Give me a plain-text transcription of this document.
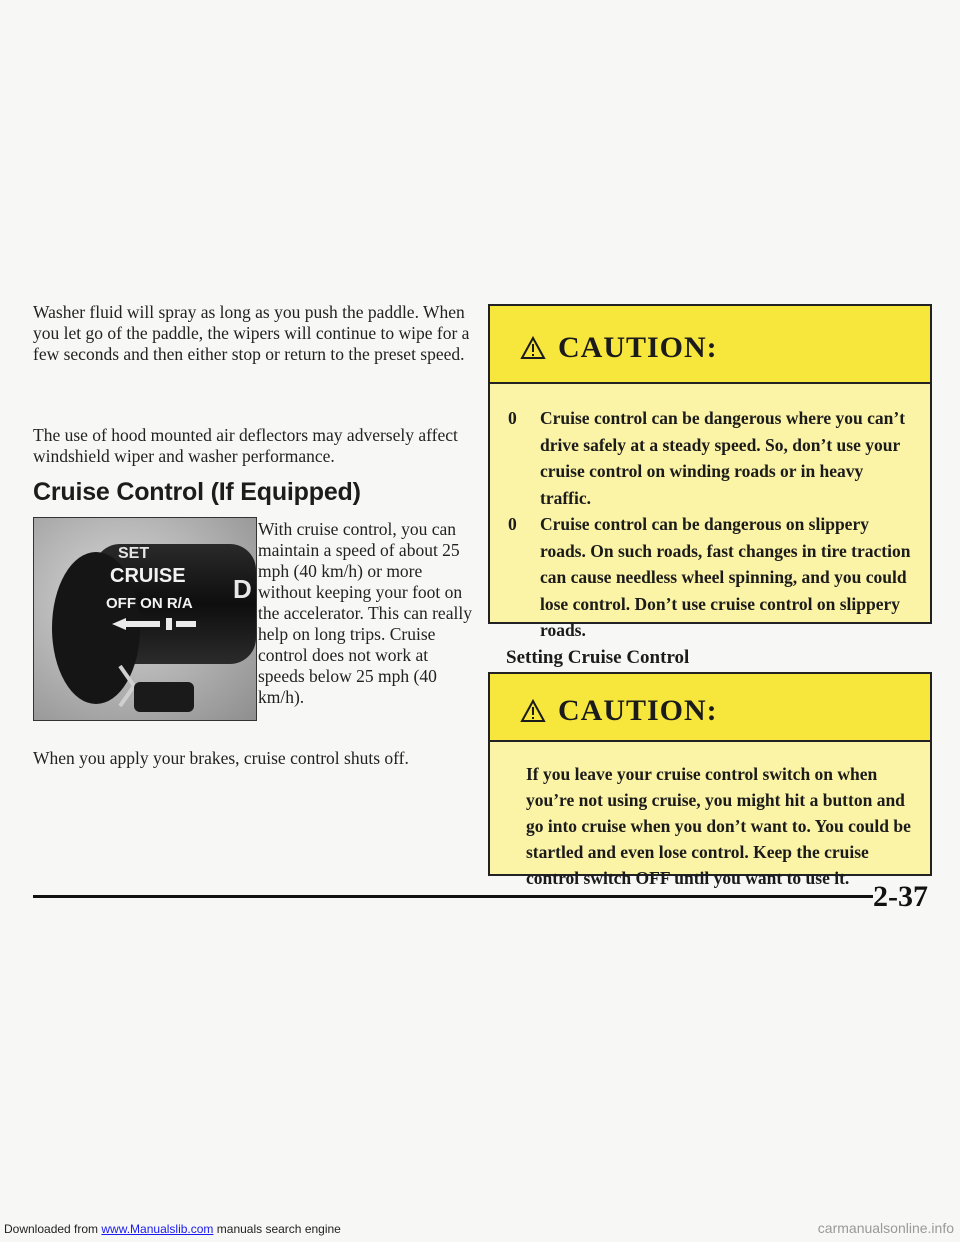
Washer fluid will spray as long as you push the paddle. When you let go of the paddle, the wipers will continue to wipe for a few seconds and then either stop or return to the preset speed.

The use of hood mounted air deflectors may adversely affect windshield wiper and washer performance.

Cruise Control (If Equipped)
SET
CRUISE
OFF ON R/A D

With cruise control, you can maintain a speed of about 25 mph (40 km/h) or more without keeping your foot on the accelerator. This can really help on long trips. Cruise control does not work at speeds below 25 mph (40 km/h).

When you apply your brakes, cruise control shuts off.

CAUTION:
0 Cruise control can be dangerous where you can’t drive safely at a steady speed. So, don’t use your cruise control on winding roads or in heavy traffic.
0 Cruise control can be dangerous on slippery roads. On such roads, fast changes in tire traction can cause needless wheel spinning, and you could lose control. Don’t use cruise control on slippery roads.
Setting Cruise Control
CAUTION:

If you leave your cruise control switch on when you’re not using cruise, you might hit a button and go into cruise when you don’t want to. You could be startled and even lose control. Keep the cruise control switch OFF until you want to use it.

2-37

Downloaded from www.Manualslib.com manuals search engine	carmanualsonline.info
